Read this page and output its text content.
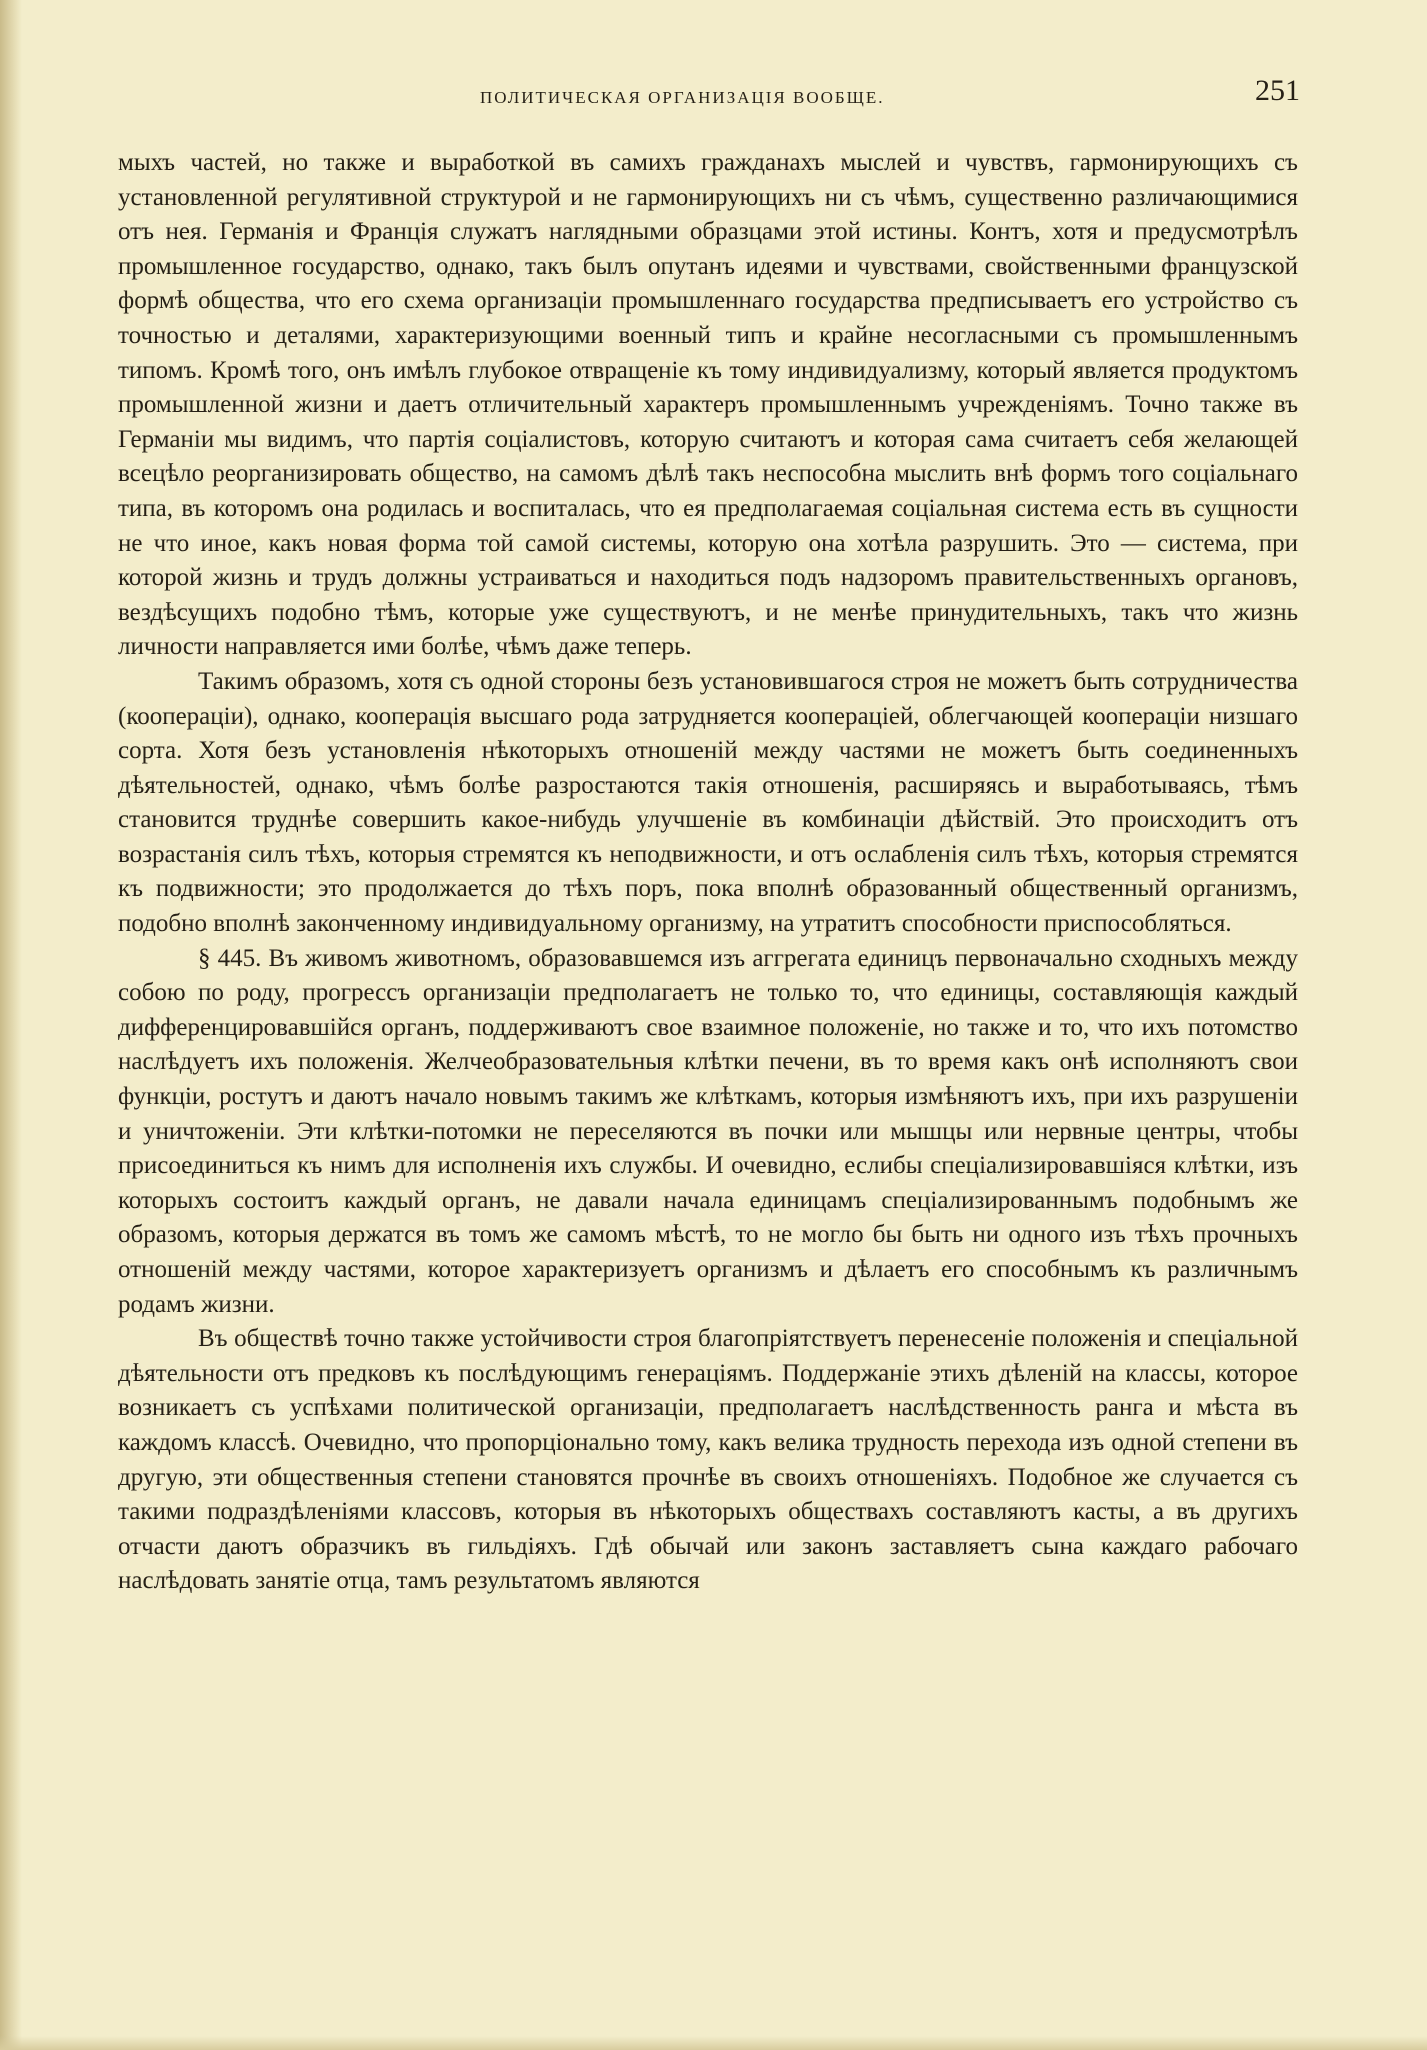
ПОЛИТИЧЕСКАЯ ОРГАНИЗАЦІЯ ВООБЩЕ.	251

мыхъ частей, но также и выработкой въ самихъ гражданахъ мыслей и чувствъ, гармонирующихъ съ установленной регулятивной структурой и не гармонирующихъ ни съ чѣмъ, существенно различающимися отъ нея. Германія и Франція служатъ наглядными образцами этой истины. Контъ, хотя и предусмотрѣлъ промышленное государство, однако, такъ былъ опутанъ идеями и чувствами, свойственными французской формѣ общества, что его схема организаціи промышленнаго государства предписываетъ его устройство съ точностью и деталями, характеризующими военный типъ и крайне несогласными съ промышленнымъ типомъ. Кромѣ того, онъ имѣлъ глубокое отвращеніе къ тому индивидуализму, который является продуктомъ промышленной жизни и даетъ отличительный характеръ промышленнымъ учрежденіямъ. Точно также въ Германіи мы видимъ, что партія соціалистовъ, которую считаютъ и которая сама считаетъ себя желающей всецѣло реорганизировать общество, на самомъ дѣлѣ такъ неспособна мыслить внѣ формъ того соціальнаго типа, въ которомъ она родилась и воспиталась, что ея предполагаемая соціальная система есть въ сущности не что иное, какъ новая форма той самой системы, которую она хотѣла разрушить. Это — система, при которой жизнь и трудъ должны устраиваться и находиться подъ надзоромъ правительственныхъ органовъ, вездѣсущихъ подобно тѣмъ, которые уже существуютъ, и не менѣе принудительныхъ, такъ что жизнь личности направляется ими болѣе, чѣмъ даже теперь.

Такимъ образомъ, хотя съ одной стороны безъ установившагося строя не можетъ быть сотрудничества (коопераціи), однако, кооперація высшаго рода затрудняется коопераціей, облегчающей коопераціи низшаго сорта. Хотя безъ установленія нѣкоторыхъ отношеній между частями не можетъ быть соединенныхъ дѣятельностей, однако, чѣмъ болѣе разростаются такія отношенія, расширяясь и выработываясь, тѣмъ становится труднѣе совершить какое-нибудь улучшеніе въ комбинаціи дѣйствій. Это происходитъ отъ возрастанія силъ тѣхъ, которыя стремятся къ неподвижности, и отъ ослабленія силъ тѣхъ, которыя стремятся къ подвижности; это продолжается до тѣхъ поръ, пока вполнѣ образованный общественный организмъ, подобно вполнѣ законченному индивидуальному организму, на утратитъ способности приспособляться.

§ 445. Въ живомъ животномъ, образовавшемся изъ аггрегата единицъ первоначально сходныхъ между собою по роду, прогрессъ организаціи предполагаетъ не только то, что единицы, составляющія каждый дифференцировавшійся органъ, поддерживаютъ свое взаимное положеніе, но также и то, что ихъ потомство наслѣдуетъ ихъ положенія. Желчеобразовательныя клѣтки печени, въ то время какъ онѣ исполняютъ свои функціи, ростутъ и даютъ начало новымъ такимъ же клѣткамъ, которыя измѣняютъ ихъ, при ихъ разрушеніи и уничтоженіи. Эти клѣтки-потомки не переселяются въ почки или мышцы или нервные центры, чтобы присоединиться къ нимъ для исполненія ихъ службы. И очевидно, еслибы спеціализировавшіяся клѣтки, изъ которыхъ состоитъ каждый органъ, не давали начала единицамъ спеціализированнымъ подобнымъ же образомъ, которыя держатся въ томъ же самомъ мѣстѣ, то не могло бы быть ни одного изъ тѣхъ прочныхъ отношеній между частями, которое характеризуетъ организмъ и дѣлаетъ его способнымъ къ различнымъ родамъ жизни.

Въ обществѣ точно также устойчивости строя благопріятствуетъ перенесеніе положенія и спеціальной дѣятельности отъ предковъ къ послѣдующимъ генераціямъ. Поддержаніе этихъ дѣленій на классы, которое возникаетъ съ успѣхами политической организаціи, предполагаетъ наслѣдственность ранга и мѣста въ каждомъ классѣ. Очевидно, что пропорціонально тому, какъ велика трудность перехода изъ одной степени въ другую, эти общественныя степени становятся прочнѣе въ своихъ отношеніяхъ. Подобное же случается съ такими подраздѣленіями классовъ, которыя въ нѣкоторыхъ обществахъ составляютъ касты, а въ другихъ отчасти даютъ образчикъ въ гильдіяхъ. Гдѣ обычай или законъ заставляетъ сына каждаго рабочаго наслѣдовать занятіе отца, тамъ результатомъ являются
